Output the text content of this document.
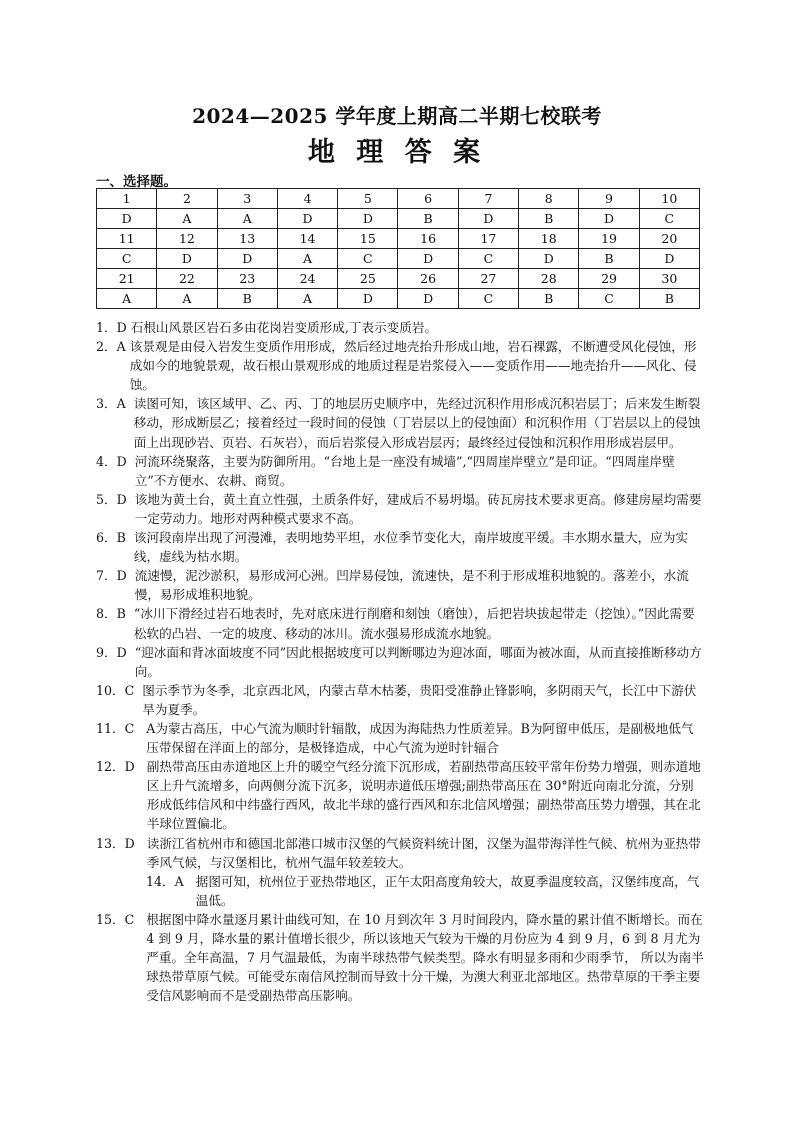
2024—2025 学年度上期高二半期七校联考
地 理 答 案
一、选择题。
1	2	3	4	5	6	7	8	9	10
D	A	A	D	D	B	D	B	D	C
11	12	13	14	15	16	17	18	19	20
C	D	D	A	C	D	C	D	B	D
21	22	23	24	25	26	27	28	29	30
A	A	B	A	D	D	C	B	C	B
1．D 石根山风景区岩石多由花岗岩变质形成,丁表示变质岩。
2．A 该景观是由侵入岩发生变质作用形成，然后经过地壳抬升形成山地，岩石裸露，不断遭受风化侵蚀，形成如今的地貌景观，故石根山景观形成的地质过程是岩浆侵入——变质作用——地壳抬升——风化、侵蚀。
3．A 读图可知，该区域甲、乙、丙、丁的地层历史顺序中，先经过沉积作用形成沉积岩层丁；后来发生断裂移动，形成断层乙；接着经过一段时间的侵蚀（丁岩层以上的侵蚀面）和沉积作用（丁岩层以上的侵蚀面上出现砂岩、页岩、石灰岩），而后岩浆侵入形成岩层丙；最终经过侵蚀和沉积作用形成岩层甲。
4．D 河流环绕聚落，主要为防御所用。“台地上是一座没有城墙”,“四周崖岸壁立”是印证。“四周崖岸壁立”不方便水、农耕、商贸。
5．D 该地为黄土台，黄土直立性强，土质条件好，建成后不易坍塌。砖瓦房技术要求更高。修建房屋均需要一定劳动力。地形对两种模式要求不高。
6．B 该河段南岸出现了河漫滩，表明地势平坦，水位季节变化大，南岸坡度平缓。丰水期水量大，应为实线，虚线为枯水期。
7．D 流速慢，泥沙淤积，易形成河心洲。凹岸易侵蚀，流速快，是不利于形成堆积地貌的。落差小，水流慢，易形成堆积地貌。
8．B “冰川下滑经过岩石地表时，先对底床进行削磨和刻蚀（磨蚀），后把岩块拔起带走（挖蚀）。”因此需要松软的凸岩、一定的坡度、移动的冰川。流水强易形成流水地貌。
9．D “迎冰面和背冰面坡度不同”因此根据坡度可以判断哪边为迎冰面，哪面为被冰面，从而直接推断移动方向。
10．C 图示季节为冬季，北京西北风，内蒙古草木枯萎，贵阳受准静止锋影响，多阴雨天气，长江中下游伏旱为夏季。
11．C A为蒙古高压，中心气流为顺时针辐散，成因为海陆热力性质差异。B为阿留申低压，是副极地低气压带保留在洋面上的部分，是极锋造成，中心气流为逆时针辐合
12．D 副热带高压由赤道地区上升的暖空气经分流下沉形成，若副热带高压较平常年份势力增强，则赤道地区上升气流增多，向两侧分流下沉多，说明赤道低压增强;副热带高压在 30°附近向南北分流，分别形成低纬信风和中纬盛行西风，故北半球的盛行西风和东北信风增强；副热带高压势力增强，其在北半球位置偏北。
13．D 读浙江省杭州市和德国北部港口城市汉堡的气候资料统计图，汉堡为温带海洋性气候、杭州为亚热带季风气候，与汉堡相比，杭州气温年较差较大。
14．A 据图可知，杭州位于亚热带地区，正午太阳高度角较大，故夏季温度较高，汉堡纬度高，气温低。
15．C 根据图中降水量逐月累计曲线可知，在 10 月到次年 3 月时间段内，降水量的累计值不断增长。而在 4 到 9 月，降水量的累计值增长很少，所以该地天气较为干燥的月份应为 4 到 9 月，6 到 8 月尤为严重。全年高温，7 月气温最低，为南半球热带气候类型。降水有明显多雨和少雨季节， 所以为南半球热带草原气候。可能受东南信风控制而导致十分干燥，为澳大利亚北部地区。热带草原的干季主要受信风影响而不是受副热带高压影响。
